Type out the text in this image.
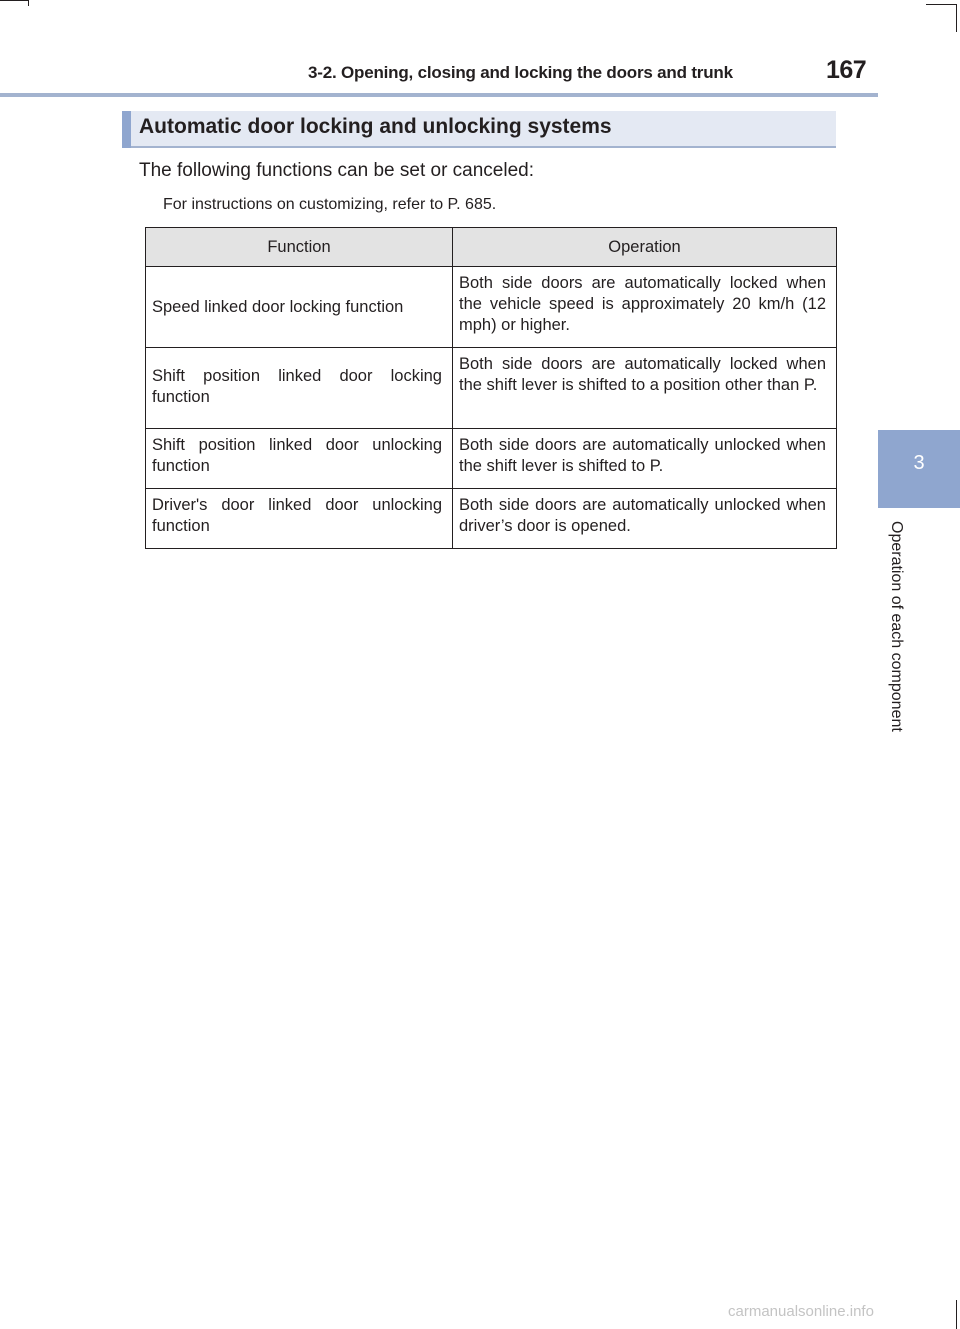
3-2. Opening, closing and locking the doors and trunk	167
3
Operation of each component
Automatic door locking and unlocking systems
The following functions can be set or canceled:
For instructions on customizing, refer to P. 685.
Function	Operation
Speed linked door locking function	Both side doors are automatically locked when the vehicle speed is approximately 20 km/h (12 mph) or higher.

Shift position linked door locking function	Both side doors are automatically locked when the shift lever is shifted to a position other than P.
Shift position linked door unlocking function	Both side doors are automatically unlocked when the shift lever is shifted to P.
Driver's door linked door unlocking function	Both side doors are automatically unlocked when driver’s door is opened.
carmanualsonline.info
